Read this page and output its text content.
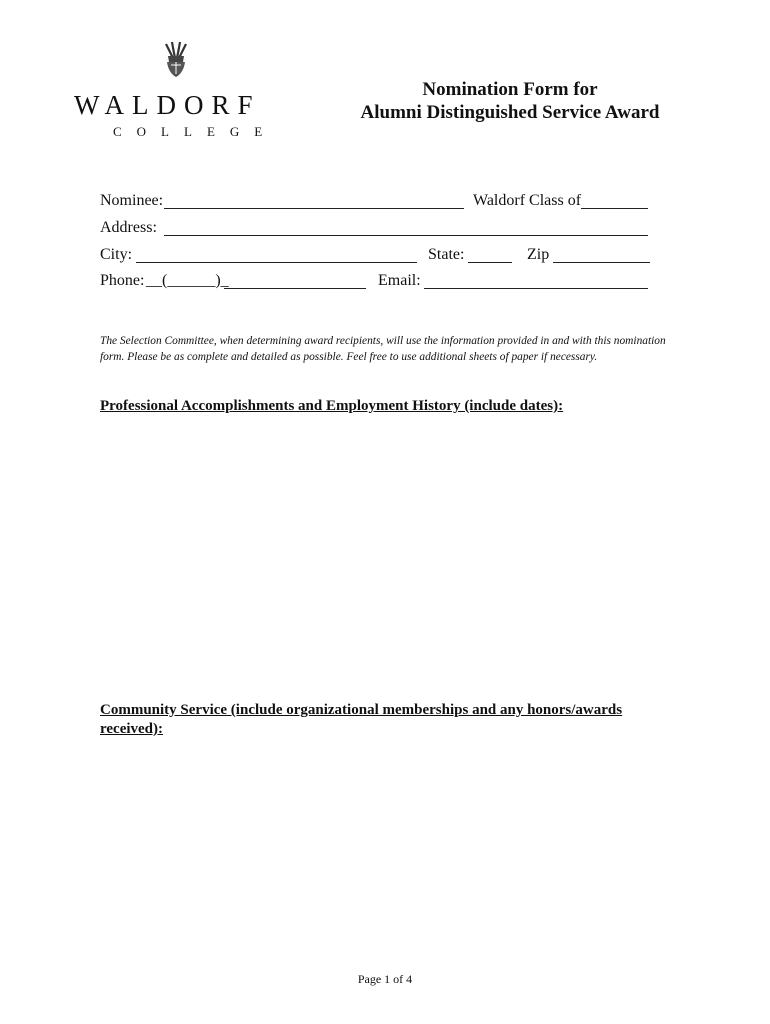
WALDORF
COLLEGE
Nomination Form for
Alumni Distinguished Service Award
Nominee:	Waldorf Class of
Address:
City:	State:	Zip
Phone: __(______)_	Email:
The Selection Committee, when determining award recipients, will use the information provided in and with this nomination form. Please be as complete and detailed as possible. Feel free to use additional sheets of paper if necessary.
Professional Accomplishments and Employment History (include dates):
Community Service (include organizational memberships and any honors/awards received):
Page 1 of 4
